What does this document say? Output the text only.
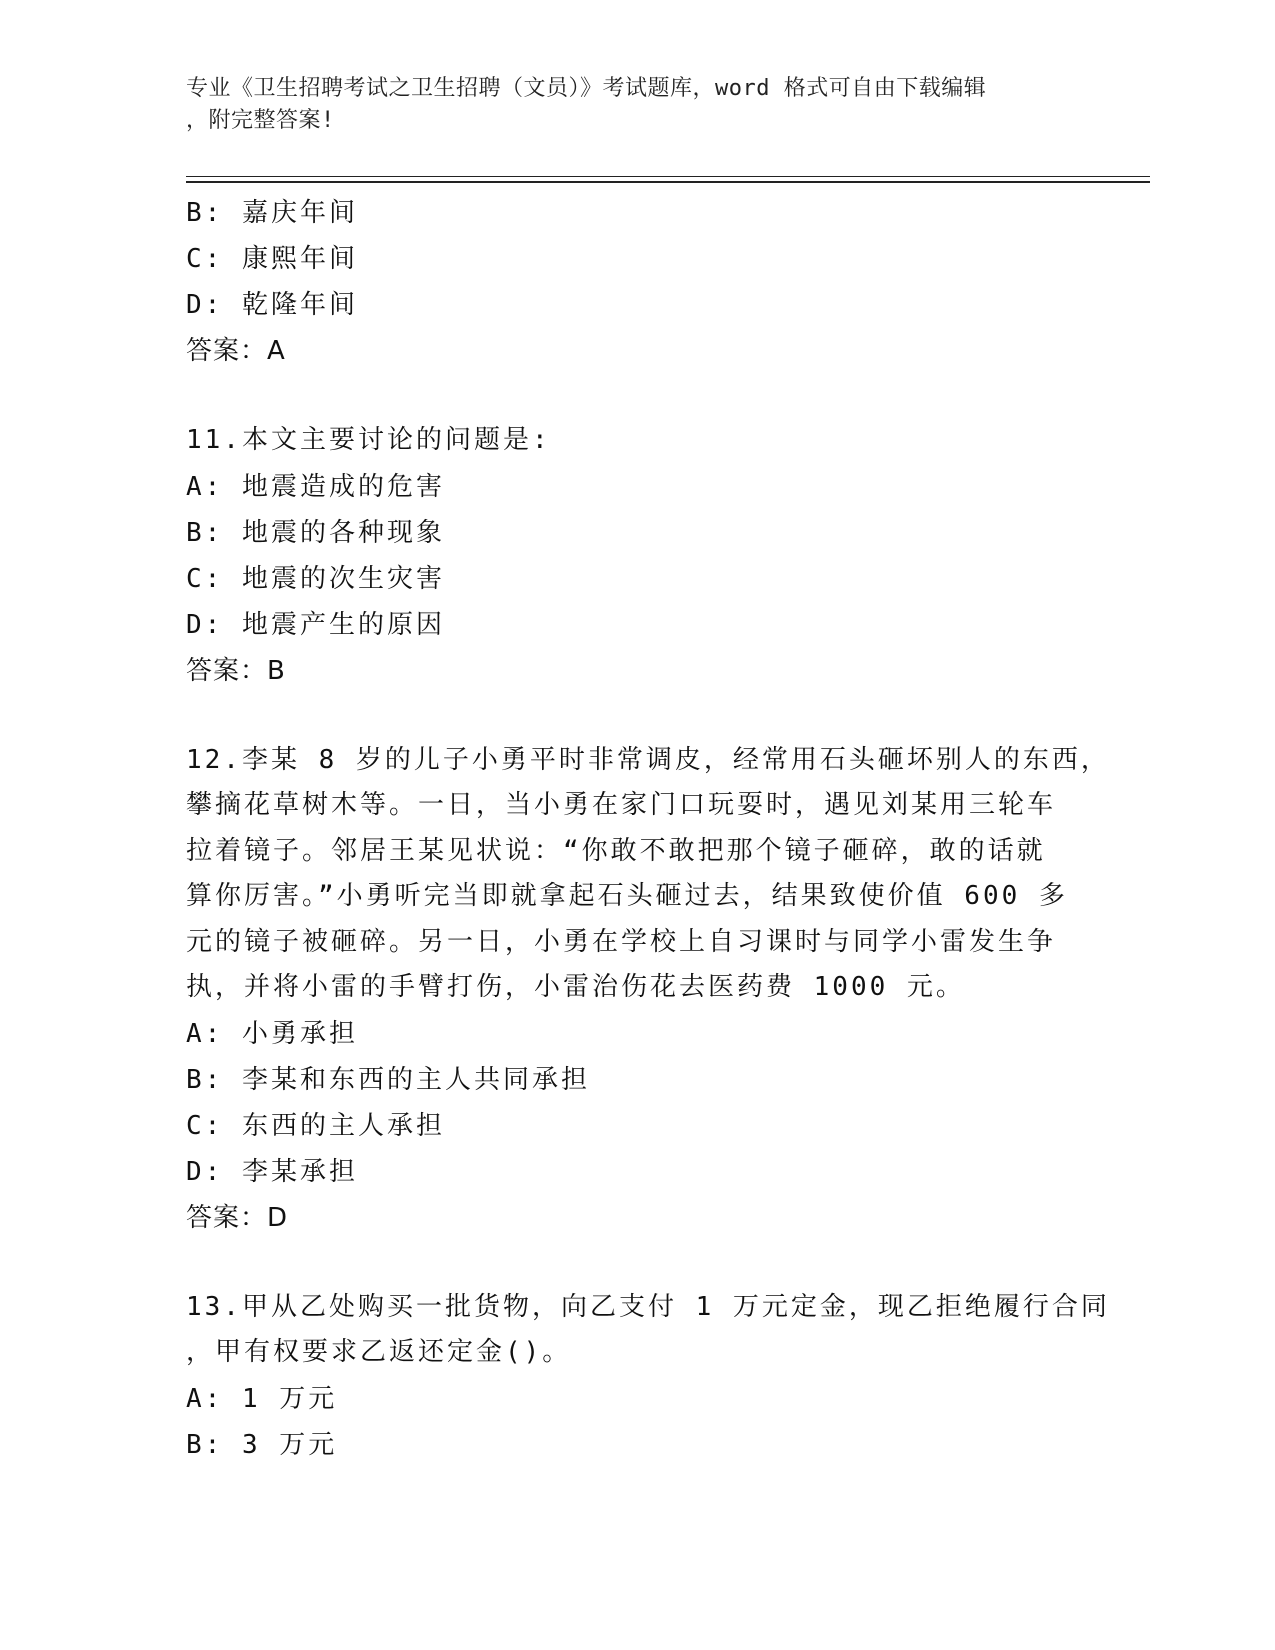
专业《卫生招聘考试之卫生招聘（文员）》考试题库，word 格式可自由下载编辑
，附完整答案!
B: 嘉庆年间
C: 康熙年间
D: 乾隆年间
答案：A
11.本文主要讨论的问题是:
A: 地震造成的危害
B: 地震的各种现象
C: 地震的次生灾害
D: 地震产生的原因
答案：B
12.李某 8 岁的儿子小勇平时非常调皮，经常用石头砸坏别人的东西，
攀摘花草树木等。一日，当小勇在家门口玩耍时，遇见刘某用三轮车
拉着镜子。邻居王某见状说：“你敢不敢把那个镜子砸碎，敢的话就
算你厉害。”小勇听完当即就拿起石头砸过去，结果致使价值 600 多
元的镜子被砸碎。另一日，小勇在学校上自习课时与同学小雷发生争
执，并将小雷的手臂打伤，小雷治伤花去医药费 1000 元。
A: 小勇承担
B: 李某和东西的主人共同承担
C: 东西的主人承担
D: 李某承担
答案：D
13.甲从乙处购买一批货物，向乙支付 1 万元定金，现乙拒绝履行合同
，甲有权要求乙返还定金()。
A: 1 万元
B: 3 万元
